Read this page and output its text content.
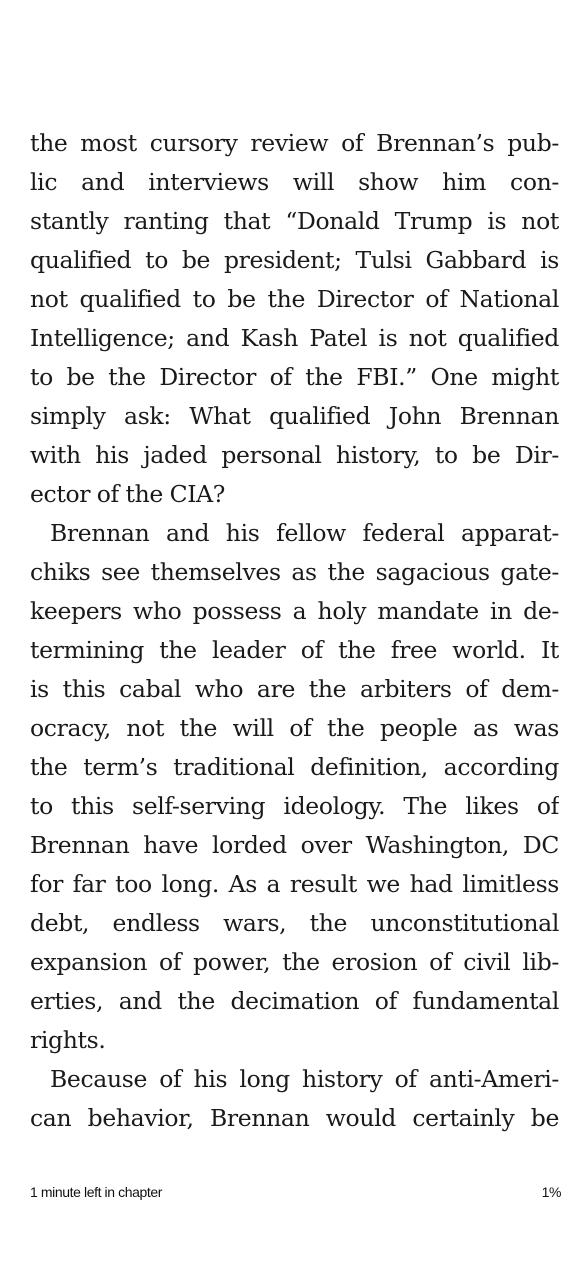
the most cursory review of Brennan’s pub-
lic and interviews will show him con-
stantly ranting that “Donald Trump is not
qualified to be president; Tulsi Gabbard is
not qualified to be the Director of National
Intelligence; and Kash Patel is not qualified
to be the Director of the FBI.” One might
simply ask: What qualified John Brennan
with his jaded personal history, to be Dir-
ector of the CIA?
Brennan and his fellow federal apparat-
chiks see themselves as the sagacious gate-
keepers who possess a holy mandate in de-
termining the leader of the free world. It
is this cabal who are the arbiters of dem-
ocracy, not the will of the people as was
the term’s traditional definition, according
to this self-serving ideology. The likes of
Brennan have lorded over Washington, DC
for far too long. As a result we had limitless
debt, endless wars, the unconstitutional
expansion of power, the erosion of civil lib-
erties, and the decimation of fundamental
rights.
Because of his long history of anti-Ameri-
can behavior, Brennan would certainly be
1 minute left in chapter	1%
